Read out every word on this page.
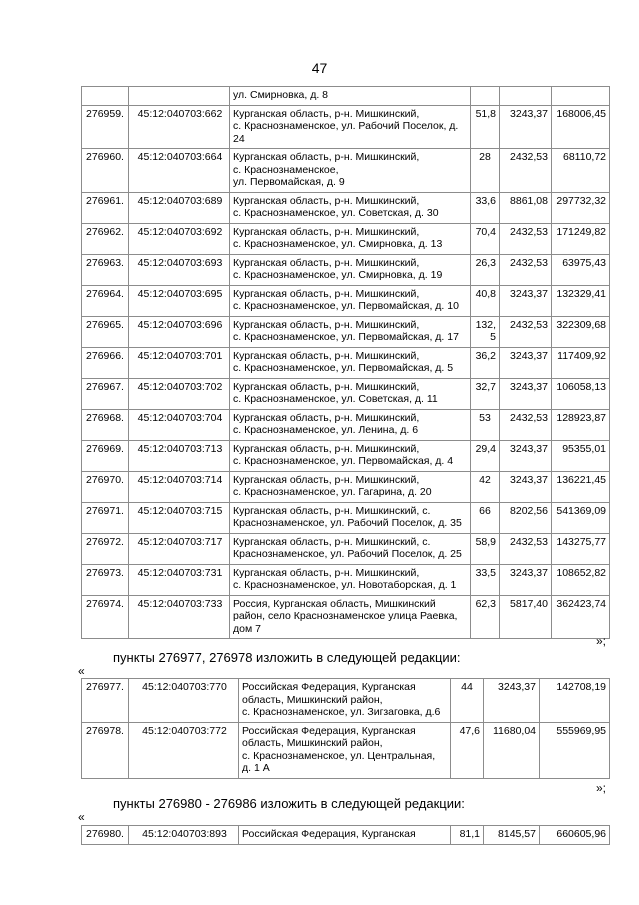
47

		ул. Смирновка, д. 8			

276959.	45:12:040703:662	Курганская область, р-н. Мишкинский,
с. Краснознаменское, ул. Рабочий Поселок, д.
24	51,8	3243,37	168006,45
276960.	45:12:040703:664	Курганская область, р-н. Мишкинский,
с. Краснознаменское,
ул. Первомайская, д. 9	28	2432,53	68110,72
276961.	45:12:040703:689	Курганская область, р-н. Мишкинский,
с. Краснознаменское, ул. Советская, д. 30	33,6	8861,08	297732,32
276962.	45:12:040703:692	Курганская область, р-н. Мишкинский,
с. Краснознаменское, ул. Смирновка, д. 13	70,4	2432,53	171249,82
276963.	45:12:040703:693	Курганская область, р-н. Мишкинский,
с. Краснознаменское, ул. Смирновка, д. 19	26,3	2432,53	63975,43
276964.	45:12:040703:695	Курганская область, р-н. Мишкинский,
с. Краснознаменское, ул. Первомайская, д. 10	40,8	3243,37	132329,41
276965.	45:12:040703:696	Курганская область, р-н. Мишкинский,
с. Краснознаменское, ул. Первомайская, д. 17	132,
5	2432,53	322309,68
276966.	45:12:040703:701	Курганская область, р-н. Мишкинский,
с. Краснознаменское, ул. Первомайская, д. 5	36,2	3243,37	117409,92
276967.	45:12:040703:702	Курганская область, р-н. Мишкинский,
с. Краснознаменское, ул. Советская, д. 11	32,7	3243,37	106058,13
276968.	45:12:040703:704	Курганская область, р-н. Мишкинский,
с. Краснознаменское, ул. Ленина, д. 6	53	2432,53	128923,87
276969.	45:12:040703:713	Курганская область, р-н. Мишкинский,
с. Краснознаменское, ул. Первомайская, д. 4	29,4	3243,37	95355,01
276970.	45:12:040703:714	Курганская область, р-н. Мишкинский,
с. Краснознаменское, ул. Гагарина, д. 20	42	3243,37	136221,45
276971.	45:12:040703:715	Курганская область, р-н. Мишкинский, с.
Краснознаменское, ул. Рабочий Поселок, д. 35	66	8202,56	541369,09
276972.	45:12:040703:717	Курганская область, р-н. Мишкинский, с.
Краснознаменское, ул. Рабочий Поселок, д. 25	58,9	2432,53	143275,77
276973.	45:12:040703:731	Курганская область, р-н. Мишкинский,
с. Краснознаменское, ул. Новотаборская, д. 1	33,5	3243,37	108652,82
276974.	45:12:040703:733	Россия, Курганская область, Мишкинский
район, село Краснознаменское улица Раевка,
дом 7	62,3	5817,40	362423,74
»;
пункты 276977, 276978 изложить в следующей редакции:
«
276977.	45:12:040703:770	Российская Федерация, Курганская
область, Мишкинский район,
с. Краснознаменское, ул. Зигзаговка, д.6	44	3243,37	142708,19
276978.	45:12:040703:772	Российская Федерация, Курганская
область, Мишкинский район,
с. Краснознаменское, ул. Центральная,
д. 1 А	47,6	11680,04	555969,95
»;
пункты 276980 - 276986 изложить в следующей редакции:
«
276980.	45:12:040703:893	Российская Федерация, Курганская	81,1	8145,57	660605,96
